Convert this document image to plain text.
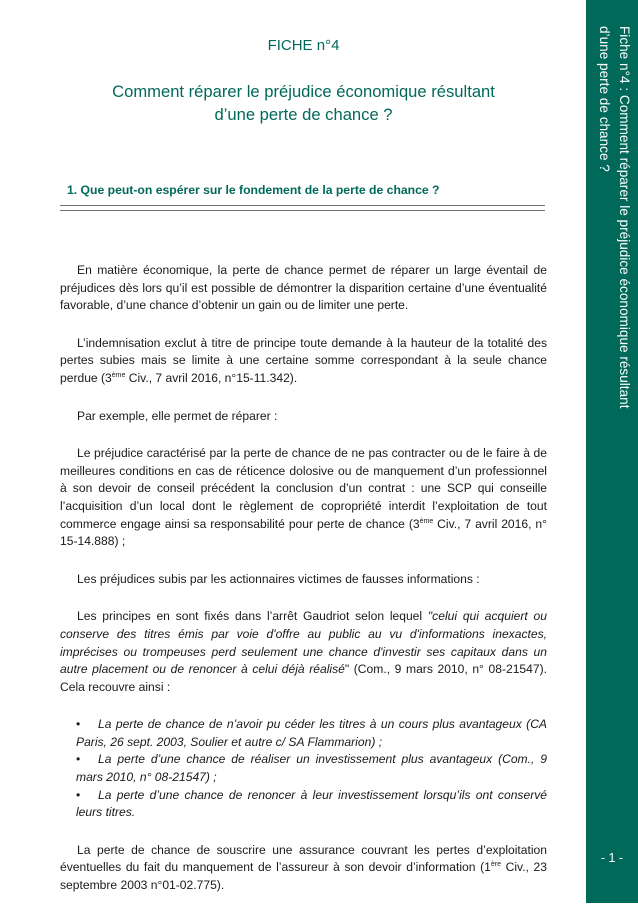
Fiche n°4 : Comment réparer le préjudice économique résultant
d’une perte de chance ?
- 1 -
FICHE n°4
Comment réparer le préjudice économique résultant
d’une perte de chance ?
1. Que peut-on espérer sur le fondement de la perte de chance ?

En matière économique, la perte de chance permet de réparer un large éventail de préjudices dès lors qu’il est possible de démontrer la disparition certaine d’une éventualité favorable, d’une chance d’obtenir un gain ou de limiter une perte.

L’indemnisation exclut à titre de principe toute demande à la hauteur de la totalité des pertes subies mais se limite à une certaine somme correspondant à la seule chance perdue (3ème Civ., 7 avril 2016, n°15-11.342).

Par exemple, elle permet de réparer :

Le préjudice caractérisé par la perte de chance de ne pas contracter ou de le faire à de meilleures conditions en cas de réticence dolosive ou de manquement d’un professionnel à son devoir de conseil précédent la conclusion d’un contrat : une SCP qui conseille l’acquisition d’un local dont le règlement de copropriété interdit l’exploitation de tout commerce engage ainsi sa responsabilité pour perte de chance (3ème Civ., 7 avril 2016, n° 15-14.888) ;

Les préjudices subis par les actionnaires victimes de fausses informations :

Les principes en sont fixés dans l’arrêt Gaudriot selon lequel "celui qui acquiert ou conserve des titres émis par voie d'offre au public au vu d'informations inexactes, imprécises ou trompeuses perd seulement une chance d'investir ses capitaux dans un autre placement ou de renoncer à celui déjà réalisé" (Com., 9 mars 2010, n° 08-21547). Cela recouvre ainsi :

• La perte de chance de n’avoir pu céder les titres à un cours plus avantageux (CA Paris, 26 sept. 2003, Soulier et autre c/ SA Flammarion) ;
• La perte d’une chance de réaliser un investissement plus avantageux (Com., 9 mars 2010, n° 08-21547) ;
• La perte d’une chance de renoncer à leur investissement lorsqu’ils ont conservé leurs titres.

La perte de chance de souscrire une assurance couvrant les pertes d’exploitation éventuelles du fait du manquement de l’assureur à son devoir d’information (1ère Civ., 23 septembre 2003 n°01-02.775).
